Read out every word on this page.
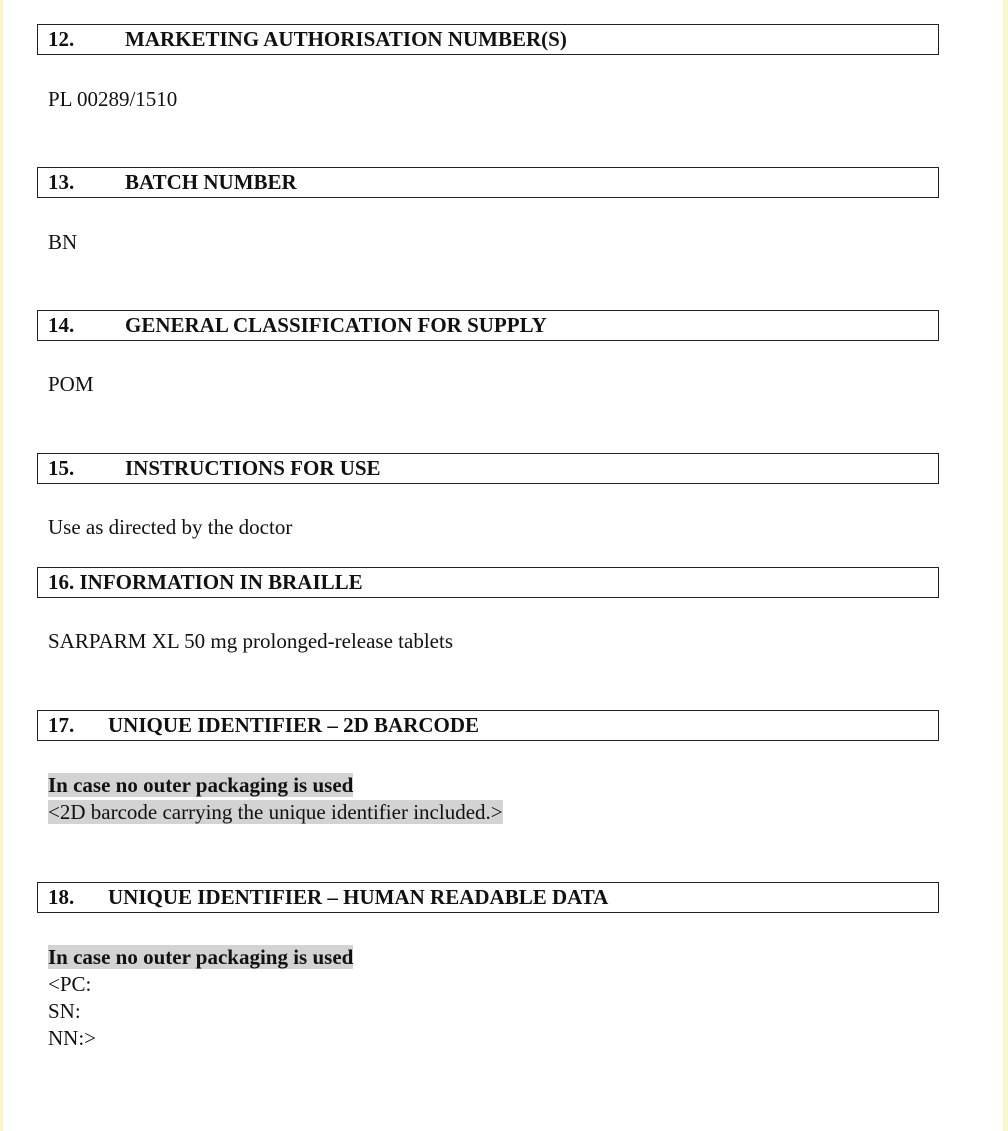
12. MARKETING AUTHORISATION NUMBER(S)
PL 00289/1510
13. BATCH NUMBER
BN
14. GENERAL CLASSIFICATION FOR SUPPLY
POM
15. INSTRUCTIONS FOR USE
Use as directed by the doctor
16. INFORMATION IN BRAILLE
SARPARM XL 50 mg prolonged-release tablets
17. UNIQUE IDENTIFIER – 2D BARCODE
In case no outer packaging is used
<2D barcode carrying the unique identifier included.>
18. UNIQUE IDENTIFIER – HUMAN READABLE DATA
In case no outer packaging is used
<PC:
SN:
NN:>
